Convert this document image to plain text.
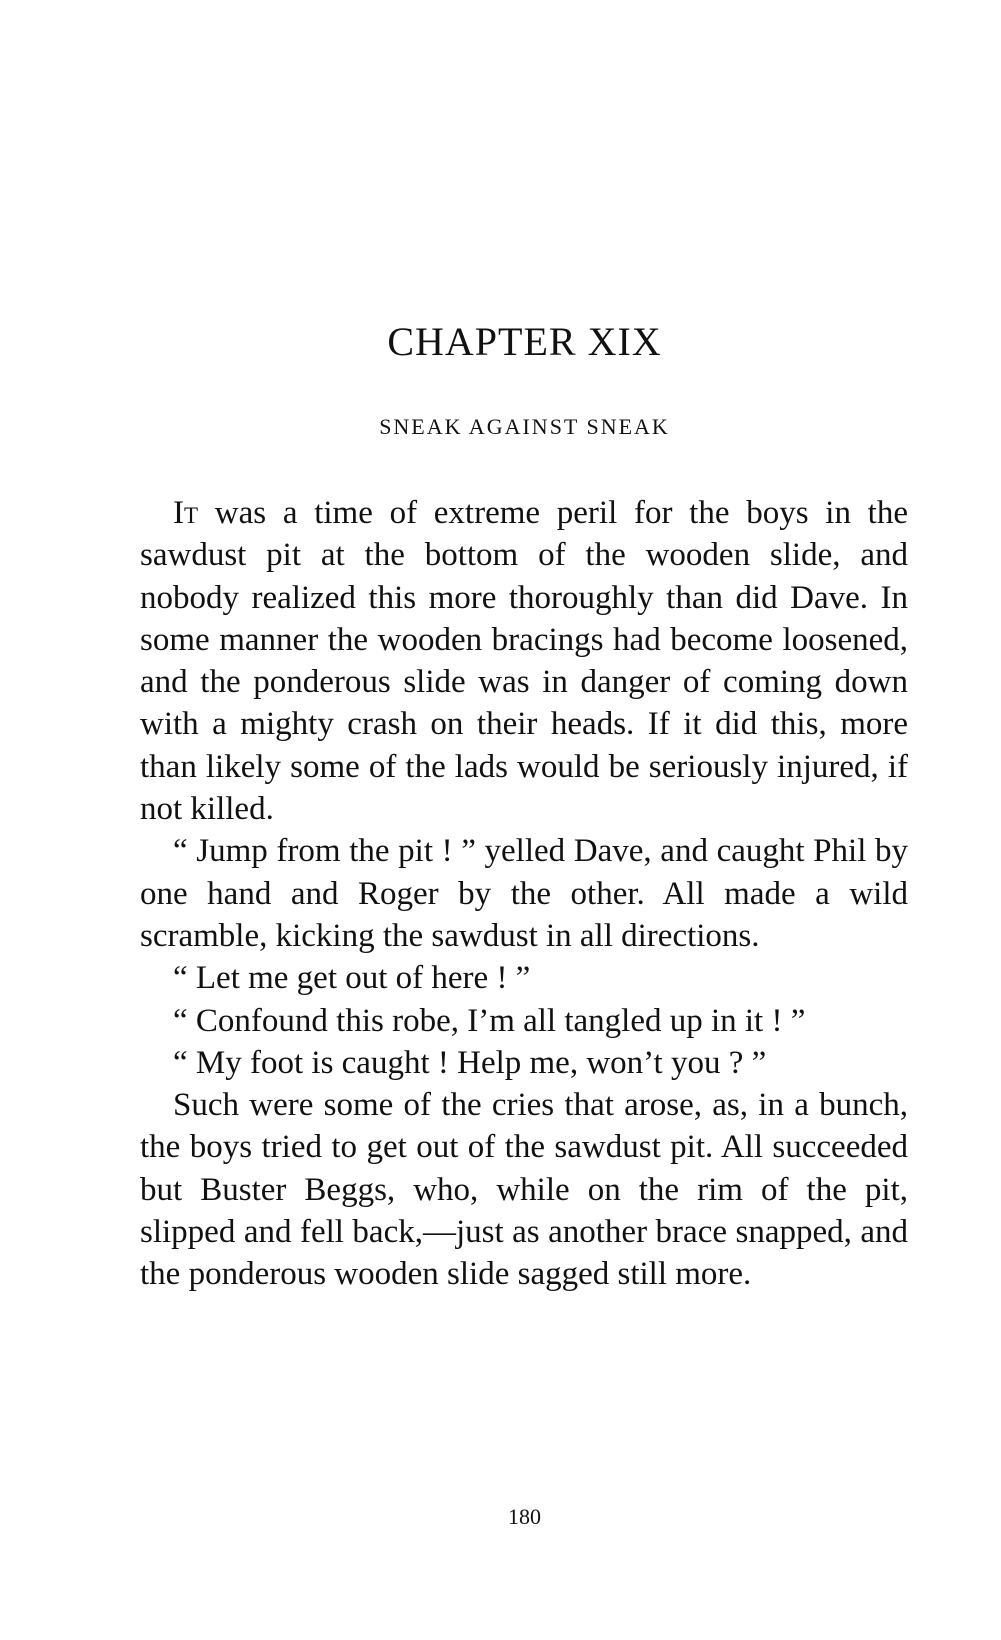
CHAPTER XIX
SNEAK AGAINST SNEAK

It was a time of extreme peril for the boys in the sawdust pit at the bottom of the wooden slide, and nobody realized this more thoroughly than did Dave. In some manner the wooden bracings had become loosened, and the ponderous slide was in danger of coming down with a mighty crash on their heads. If it did this, more than likely some of the lads would be seriously injured, if not killed.

“ Jump from the pit ! ” yelled Dave, and caught Phil by one hand and Roger by the other. All made a wild scramble, kicking the sawdust in all directions.

“ Let me get out of here ! ”

“ Confound this robe, I’m all tangled up in it ! ”

“ My foot is caught ! Help me, won’t you ? ”

Such were some of the cries that arose, as, in a bunch, the boys tried to get out of the sawdust pit. All succeeded but Buster Beggs, who, while on the rim of the pit, slipped and fell back,—just as another brace snapped, and the ponderous wooden slide sagged still more.

180
